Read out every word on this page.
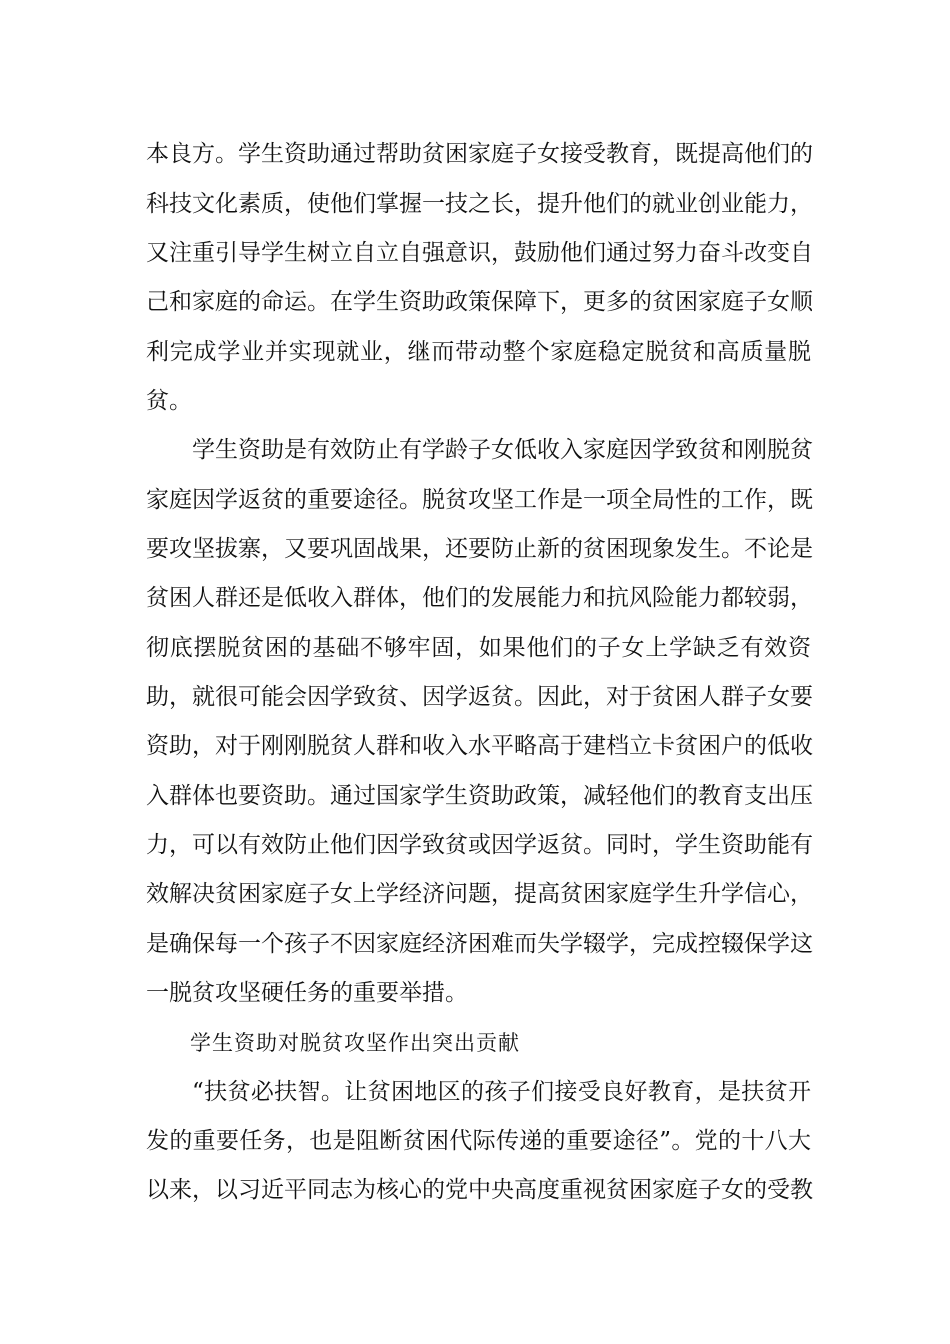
本良方。学生资助通过帮助贫困家庭子女接受教育，既提高他们的
科技文化素质，使他们掌握一技之长，提升他们的就业创业能力，
又注重引导学生树立自立自强意识，鼓励他们通过努力奋斗改变自
己和家庭的命运。在学生资助政策保障下，更多的贫困家庭子女顺
利完成学业并实现就业，继而带动整个家庭稳定脱贫和高质量脱
贫。
学生资助是有效防止有学龄子女低收入家庭因学致贫和刚脱贫
家庭因学返贫的重要途径。脱贫攻坚工作是一项全局性的工作，既
要攻坚拔寨，又要巩固战果，还要防止新的贫困现象发生。不论是
贫困人群还是低收入群体，他们的发展能力和抗风险能力都较弱，
彻底摆脱贫困的基础不够牢固，如果他们的子女上学缺乏有效资
助，就很可能会因学致贫、因学返贫。因此，对于贫困人群子女要
资助，对于刚刚脱贫人群和收入水平略高于建档立卡贫困户的低收
入群体也要资助。通过国家学生资助政策，减轻他们的教育支出压
力，可以有效防止他们因学致贫或因学返贫。同时，学生资助能有
效解决贫困家庭子女上学经济问题，提高贫困家庭学生升学信心，
是确保每一个孩子不因家庭经济困难而失学辍学，完成控辍保学这
一脱贫攻坚硬任务的重要举措。
学生资助对脱贫攻坚作出突出贡献
“扶贫必扶智。让贫困地区的孩子们接受良好教育，是扶贫开
发的重要任务，也是阻断贫困代际传递的重要途径”。党的十八大
以来，以习近平同志为核心的党中央高度重视贫困家庭子女的受教
